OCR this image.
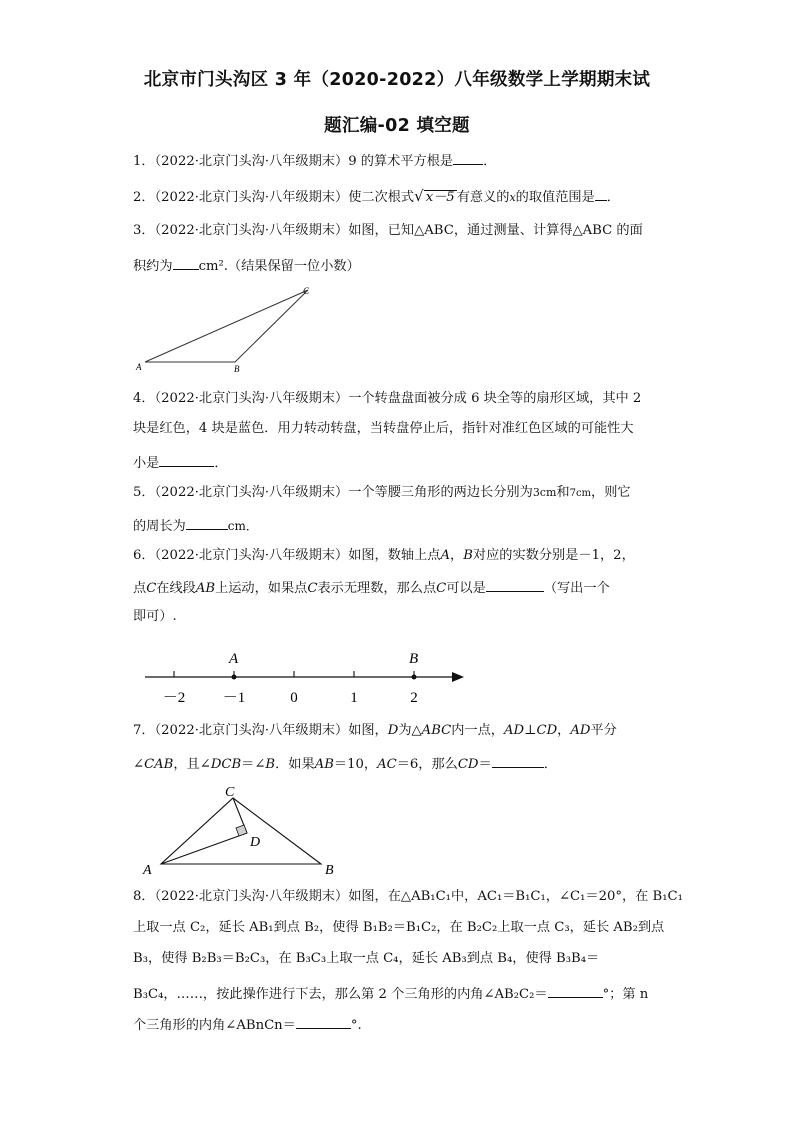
北京市门头沟区 3 年（2020-2022）八年级数学上学期期末试
题汇编-02 填空题
1．（2022·北京门头沟·八年级期末）9 的算术平方根是 ．
2．（2022·北京门头沟·八年级期末）使二次根式√ x－5 有意义的x的取值范围是 ．
3．（2022·北京门头沟·八年级期末）如图，已知△ABC，通过测量、计算得△ABC 的面
积约为 cm².（结果保留一位小数）
A	B
C
4．（2022·北京门头沟·八年级期末）一个转盘盘面被分成 6 块全等的扇形区域，其中 2
块是红色，4 块是蓝色．用力转动转盘，当转盘停止后，指针对准红色区域的可能性大
小是	．
5．（2022·北京门头沟·八年级期末）一个等腰三角形的两边长分别为3cm和7cm，则它
的周长为	cm．
6．（2022·北京门头沟·八年级期末）如图，数轴上点A，B对应的实数分别是－1，2，
点C在线段AB上运动，如果点C表示无理数，那么点C可以是	（写出一个
即可）.
－2 －1	0	1	2
A	B
7．（2022·北京门头沟·八年级期末）如图，D为△ABC内一点，AD⊥CD，AD平分
∠CAB，且∠DCB＝∠B．如果AB＝10，AC＝6，那么CD＝	．
A	B
C
D
8．（2022·北京门头沟·八年级期末）如图，在△AB₁C₁中，AC₁＝B₁C₁，∠C₁＝20°，在 B₁C₁
上取一点 C₂，延长 AB₁到点 B₂，使得 B₁B₂＝B₁C₂，在 B₂C₂上取一点 C₃，延长 AB₂到点
B₃，使得 B₂B₃＝B₂C₃，在 B₃C₃上取一点 C₄，延长 AB₃到点 B₄，使得 B₃B₄＝
B₃C₄，……，按此操作进行下去，那么第 2 个三角形的内角∠AB₂C₂＝	°；第 n
个三角形的内角∠ABnCn＝	°.
